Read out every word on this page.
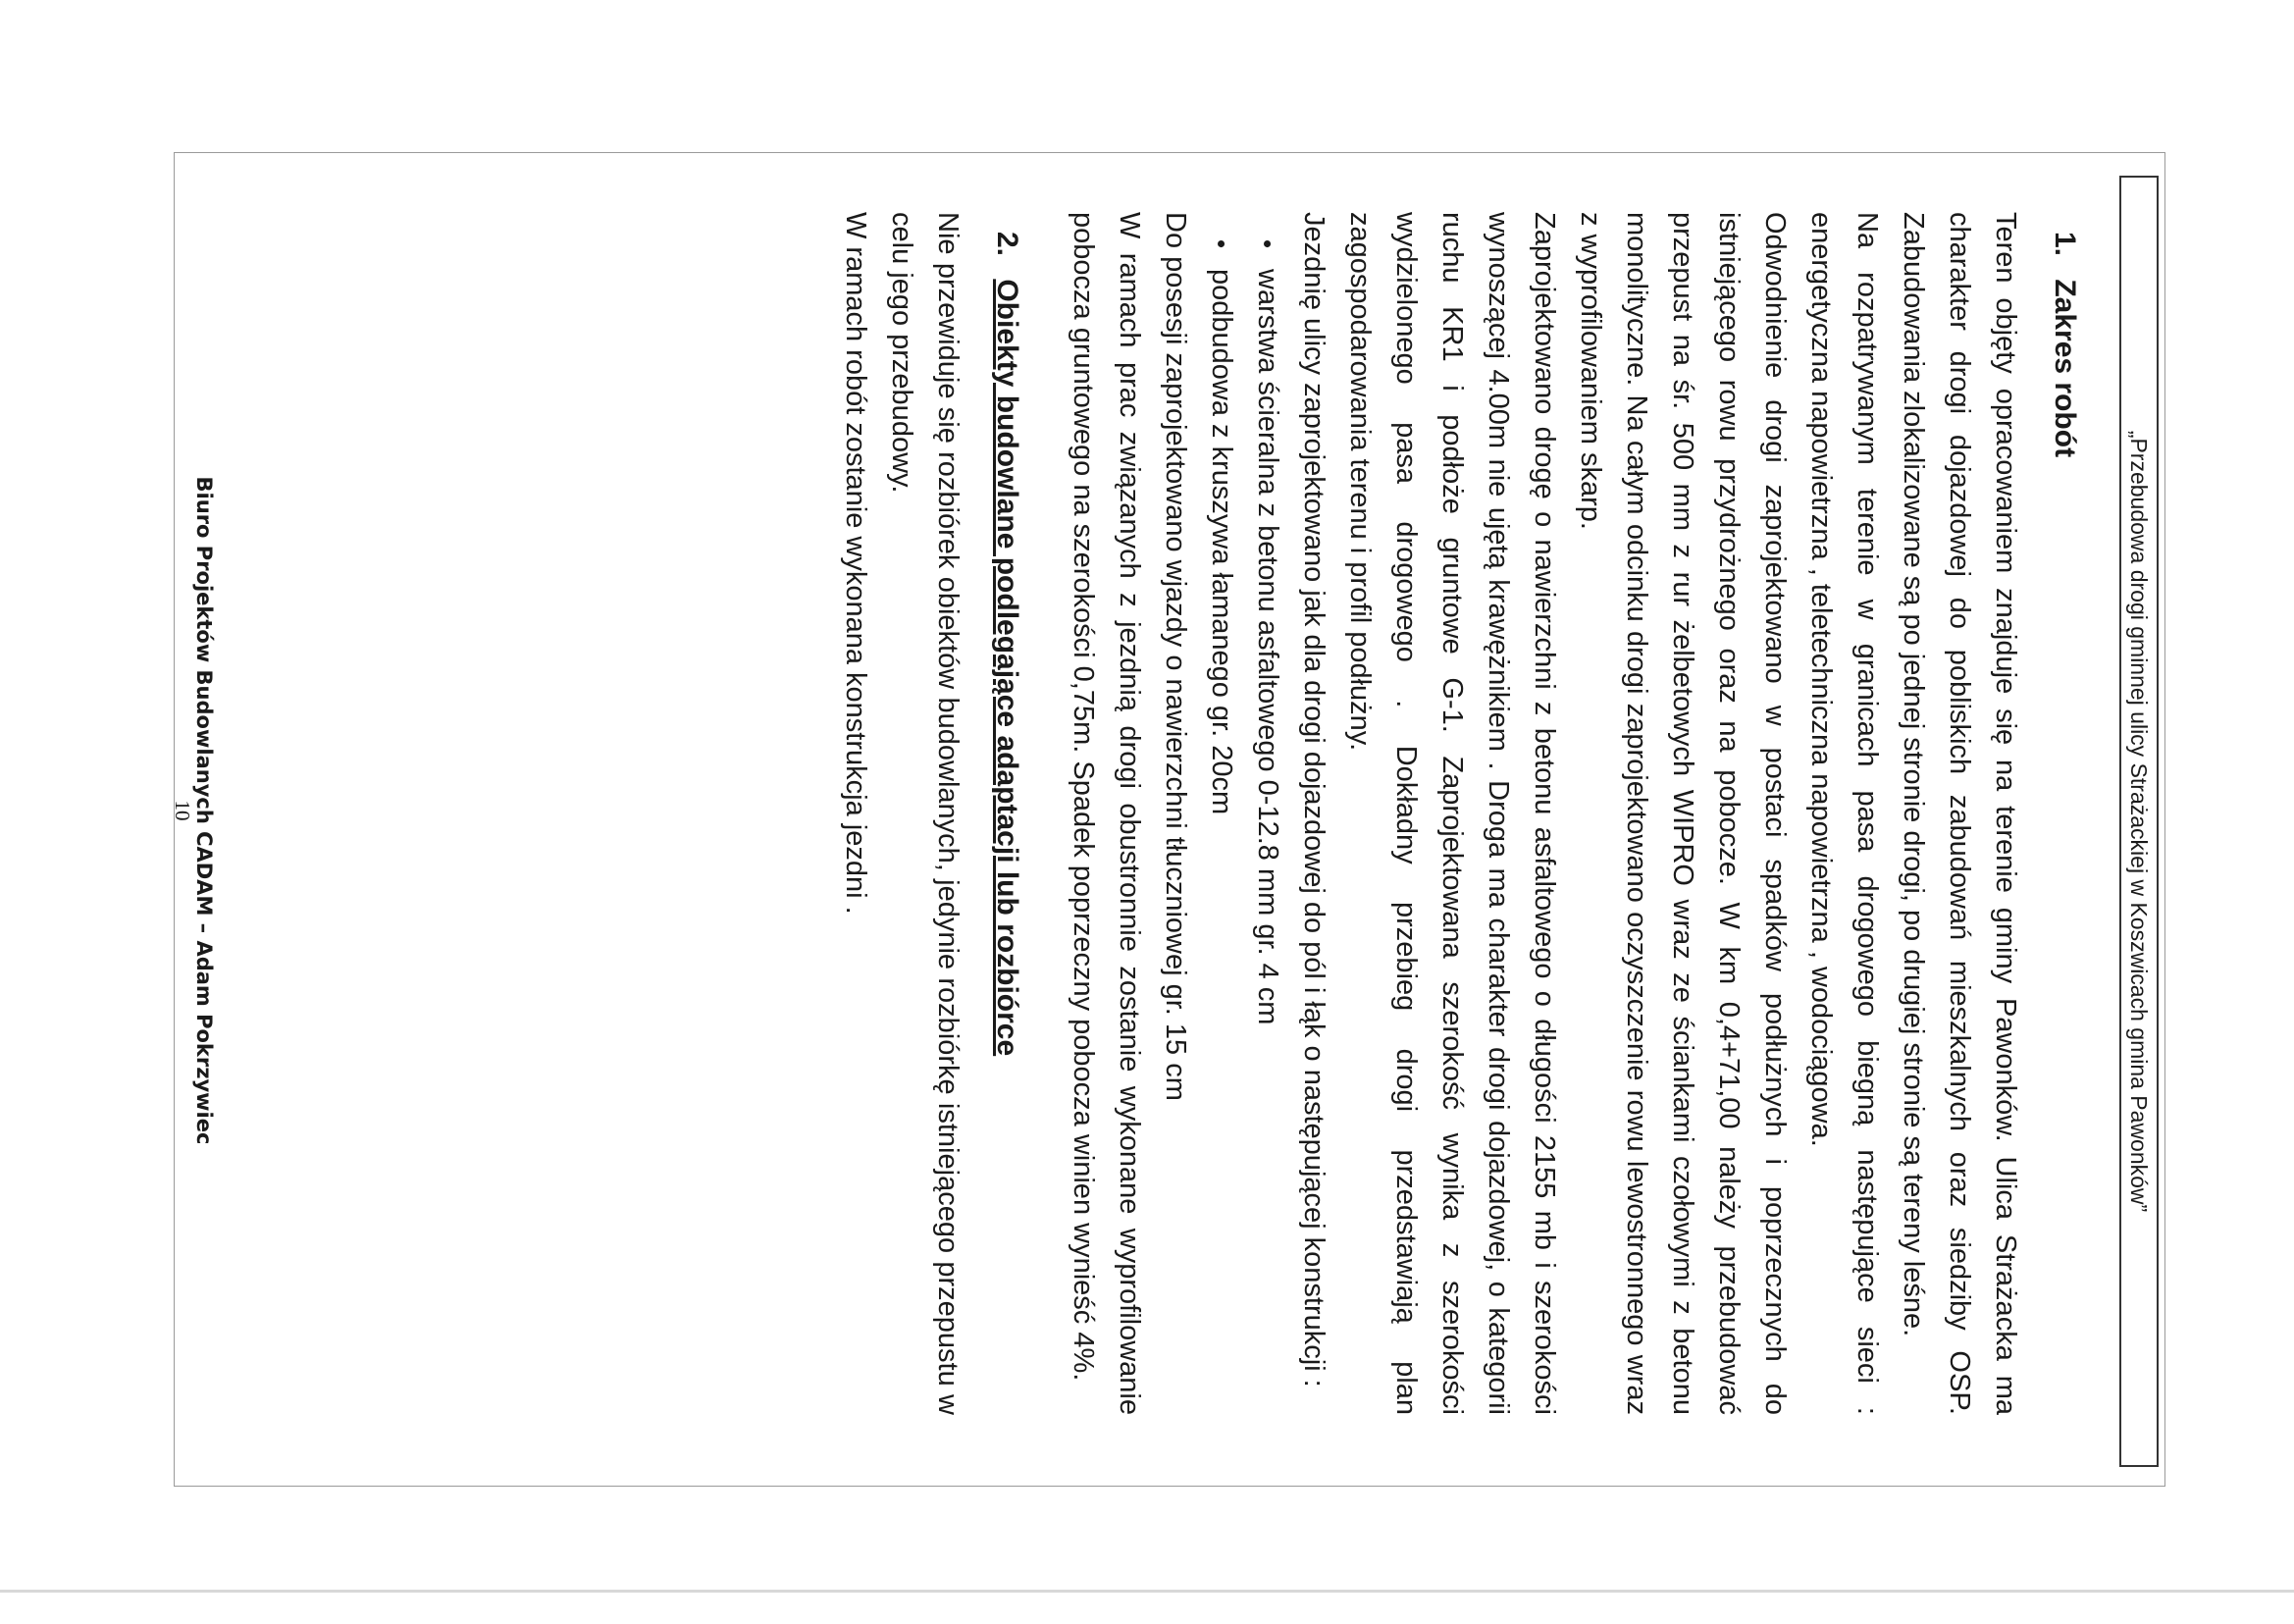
„Przebudowa drogi gminnej ulicy Strażackiej w Koszwicach gmina Pawonków”
1. Zakres robót

Teren objęty opracowaniem znajduje się na terenie gminy Pawonków. Ulica Strażacka ma charakter drogi dojazdowej do pobliskich zabudowań mieszkalnych oraz siedziby OSP. Zabudowania zlokalizowane są po jednej stronie drogi, po drugiej stronie są tereny leśne.

Na rozpatrywanym terenie w granicach pasa drogowego biegną następujące sieci : energetyczna napowietrzna , teletechniczna napowietrzna , wodociągowa.

Odwodnienie drogi zaprojektowano w postaci spadków podłużnych i poprzecznych do istniejącego rowu przydrożnego oraz na pobocze. W km 0,4+71,00 należy przebudować przepust na śr. 500 mm z rur żelbetowych WIPRO wraz ze ściankami czołowymi z betonu monolityczne. Na całym odcinku drogi zaprojektowano oczyszczenie rowu lewostronnego wraz z wyprofilowaniem skarp.

Zaprojektowano drogę o nawierzchni z betonu asfaltowego o długości 2155 mb i szerokości wynoszącej 4.00m nie ujętą krawężnikiem . Droga ma charakter drogi dojazdowej, o kategorii ruchu KR1 i podłoże gruntowe G-1. Zaprojektowana szerokość wynika z szerokości wydzielonego pasa drogowego . Dokładny przebieg drogi przedstawiają plan zagospodarowania terenu i profil podłużny.

Jezdnię ulicy zaprojektowano jak dla drogi dojazdowej do pól i łąk o następującej konstrukcji :

•
warstwa ścieralna z betonu asfaltowego 0-12.8 mm gr. 4 cm
•
podbudowa z kruszywa łamanego gr. 20cm

Do posesji zaprojektowano wjazdy o nawierzchni tłuczniowej gr. 15 cm

W ramach prac związanych z jezdnią drogi obustronnie zostanie wykonane wyprofilowanie pobocza gruntowego na szerokości 0,75m. Spadek poprzeczny pobocza winien wynieść 4%.

2. Obiekty budowlane podlegające adaptacji lub rozbiórce

Nie przewiduje się rozbiórek obiektów budowlanych, jedynie rozbiórkę istniejącego przepustu w celu jego przebudowy.

W ramach robót zostanie wykonana konstrukcja jezdni .

Biuro Projektów Budowlanych CADAM – Adam Pokrzywiec
10
